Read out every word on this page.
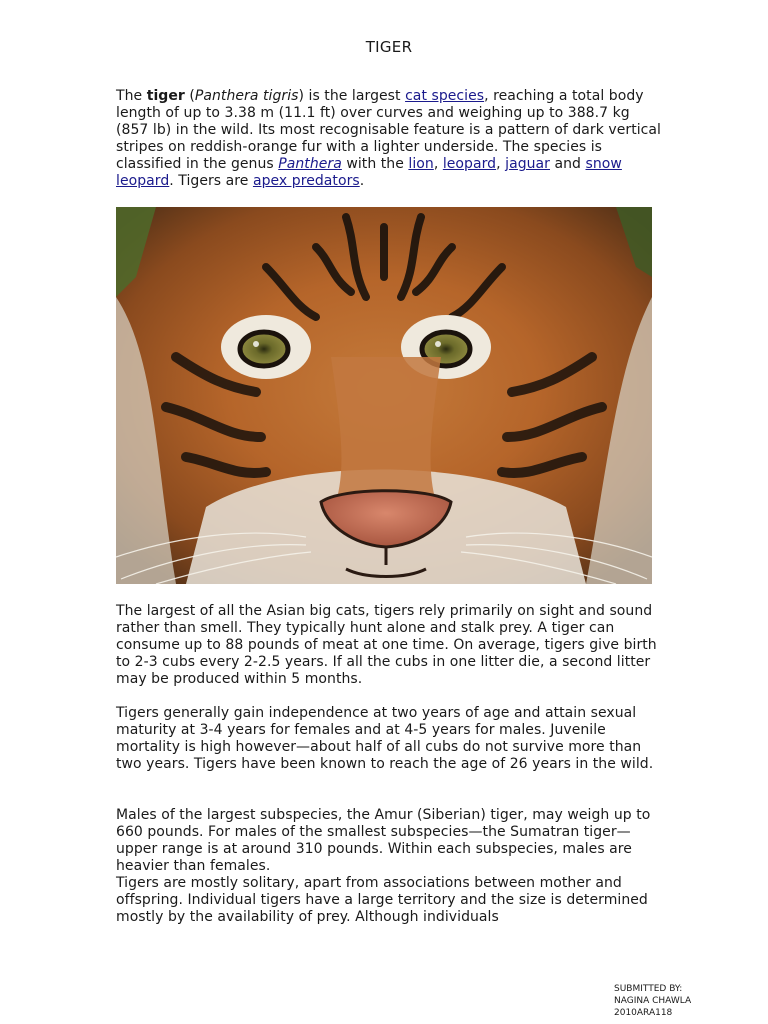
TIGER
The tiger (Panthera tigris) is the largest cat species, reaching a total body length of up to 3.38 m (11.1 ft) over curves and weighing up to 388.7 kg (857 lb) in the wild. Its most recognisable feature is a pattern of dark vertical stripes on reddish-orange fur with a lighter underside. The species is classified in the genus Panthera with the lion, leopard, jaguar and snow leopard. Tigers are apex predators.
The largest of all the Asian big cats, tigers rely primarily on sight and sound rather than smell. They typically hunt alone and stalk prey. A tiger can consume up to 88 pounds of meat at one time. On average, tigers give birth to 2-3 cubs every 2-2.5 years. If all the cubs in one litter die, a second litter may be produced within 5 months.
Tigers generally gain independence at two years of age and attain sexual maturity at 3-4 years for females and at 4-5 years for males. Juvenile mortality is high however—about half of all cubs do not survive more than two years. Tigers have been known to reach the age of 26 years in the wild.
Males of the largest subspecies, the Amur (Siberian) tiger, may weigh up to 660 pounds. For males of the smallest subspecies—the Sumatran tiger—upper range is at around 310 pounds. Within each subspecies, males are heavier than females.
Tigers are mostly solitary, apart from associations between mother and offspring. Individual tigers have a large territory and the size is determined mostly by the availability of prey. Although individuals
SUBMITTED BY:
NAGINA CHAWLA
2010ARA118
